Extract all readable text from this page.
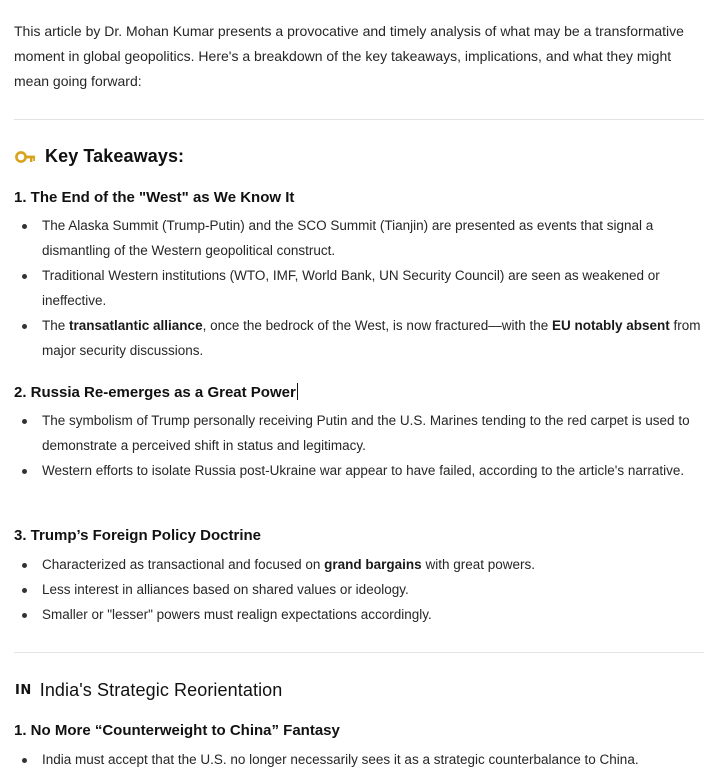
This article by Dr. Mohan Kumar presents a provocative and timely analysis of what may be a transformative moment in global geopolitics. Here's a breakdown of the key takeaways, implications, and what they might mean going forward:

Key Takeaways:
1. The End of the "West" as We Know It
The Alaska Summit (Trump-Putin) and the SCO Summit (Tianjin) are presented as events that signal a dismantling of the Western geopolitical construct.
Traditional Western institutions (WTO, IMF, World Bank, UN Security Council) are seen as weakened or ineffective.
The transatlantic alliance, once the bedrock of the West, is now fractured—with the EU notably absent from major security discussions.
2. Russia Re-emerges as a Great Power
The symbolism of Trump personally receiving Putin and the U.S. Marines tending to the red carpet is used to demonstrate a perceived shift in status and legitimacy.
Western efforts to isolate Russia post-Ukraine war appear to have failed, according to the article's narrative.
3. Trump’s Foreign Policy Doctrine
Characterized as transactional and focused on grand bargains with great powers.
Less interest in alliances based on shared values or ideology.
Smaller or "lesser" powers must realign expectations accordingly.
IN India's Strategic Reorientation
1. No More “Counterweight to China” Fantasy
India must accept that the U.S. no longer necessarily sees it as a strategic counterbalance to China.
